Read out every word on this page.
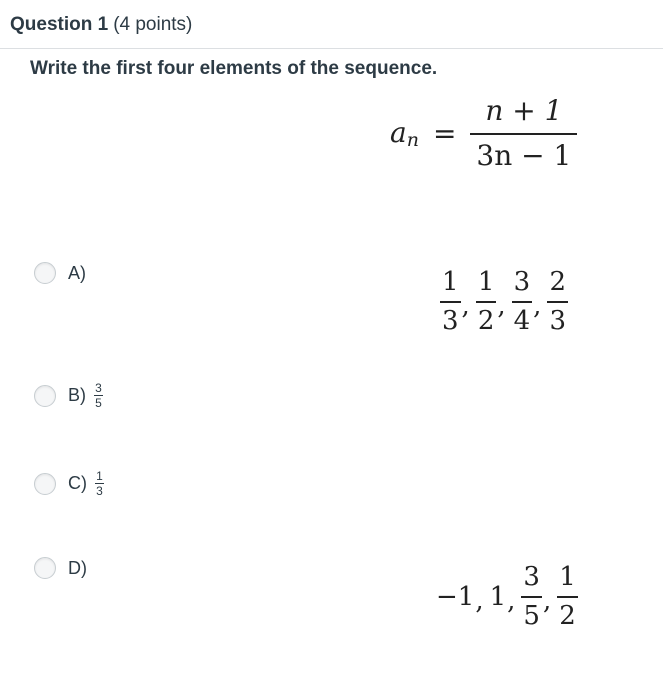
Question 1 (4 points)
Write the first four elements of the sequence.
$a_n = \frac{n + 1}{3n - 1}$
A)	$\frac{1}{3}$ , $\frac{1}{2}$ , $\frac{3}{4}$ , $\frac{2}{3}$
$B) \frac{3}{5}$
$C) \frac{1}{3}$
D)
−1 , 1 , $\frac{3}{5}$ , $\frac{1}{2}$
